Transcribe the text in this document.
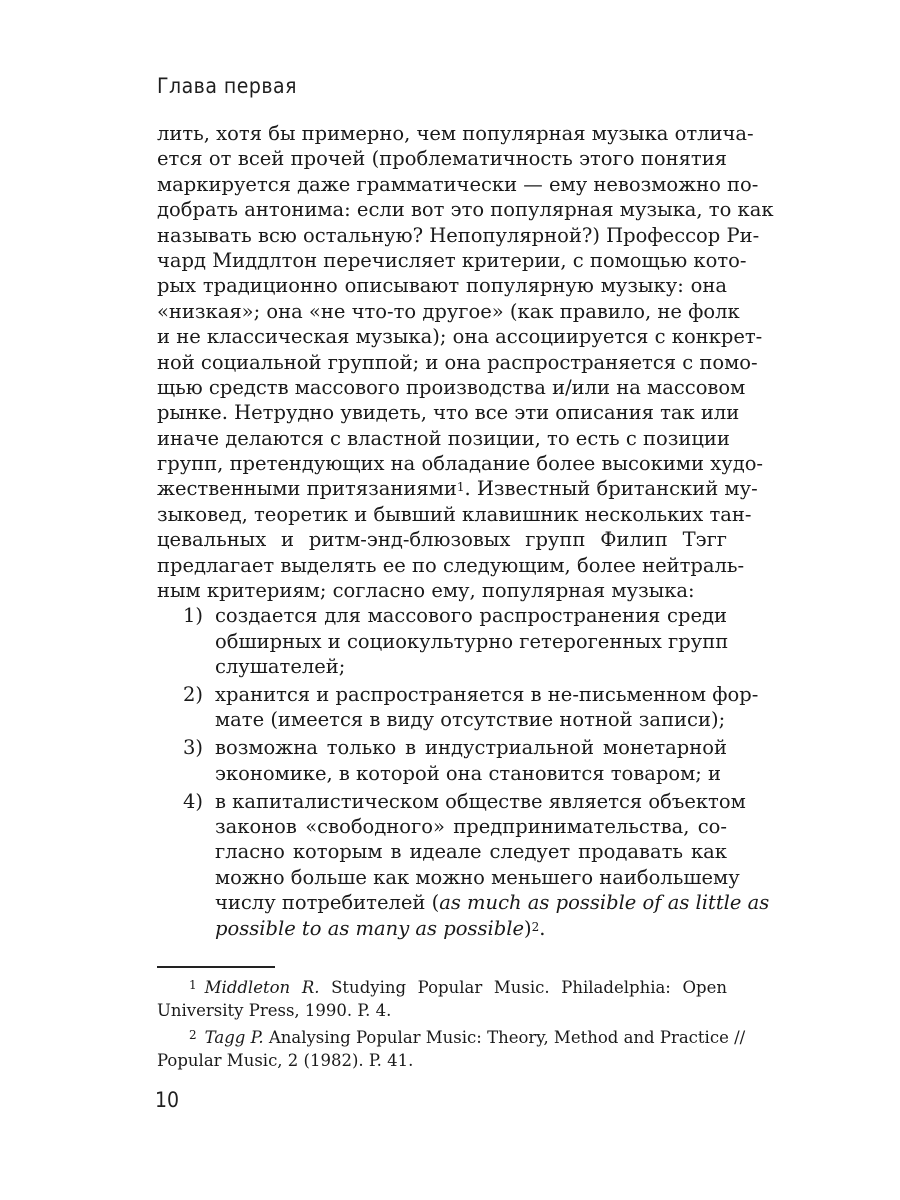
Глава первая
лить, хотя бы примерно, чем популярная музыка отлича-
ется от всей прочей (проблематичность этого понятия
маркируется даже грамматически — ему невозможно по-
добрать антонима: если вот это популярная музыка, то как
называть всю остальную? Непопулярной?) Профессор Ри-
чард Миддлтон перечисляет критерии, с помощью кото-
рых традиционно описывают популярную музыку: она
«низкая»; она «не что-то другое» (как правило, не фолк
и не классическая музыка); она ассоциируется с конкрет-
ной социальной группой; и она распространяется с помо-
щью средств массового производства и/или на массовом
рынке. Нетрудно увидеть, что все эти описания так или
иначе делаются с властной позиции, то есть с позиции
групп, претендующих на обладание более высокими худо-
жественными притязаниями$^1$. Известный британский му-
зыковед, теоретик и бывший клавишник нескольких тан-
цевальных и ритм-энд-блюзовых групп Филип Тэгг
предлагает выделять ее по следующим, более нейтраль-
ным критериям; согласно ему, популярная музыка:
1) создается для массового распространения среди
обширных и социокультурно гетерогенных групп
слушателей;
2) хранится и распространяется в не-письменном фор-
мате (имеется в виду отсутствие нотной записи);
3) возможна только в индустриальной монетарной
экономике, в которой она становится товаром; и
4) в капиталистическом обществе является объектом
законов «свободного» предпринимательства, со-
гласно которым в идеале следует продавать как
можно больше как можно меньшего наибольшему
числу потребителей (as much as possible of as little as
possible to as many as possible)$^2$.
$^1$ Middleton R. Studying Popular Music. Philadelphia: Open
University Press, 1990. P. 4.
$^2$ Tagg P. Analysing Popular Music: Theory, Method and Practice //
Popular Music, 2 (1982). P. 41.
10
